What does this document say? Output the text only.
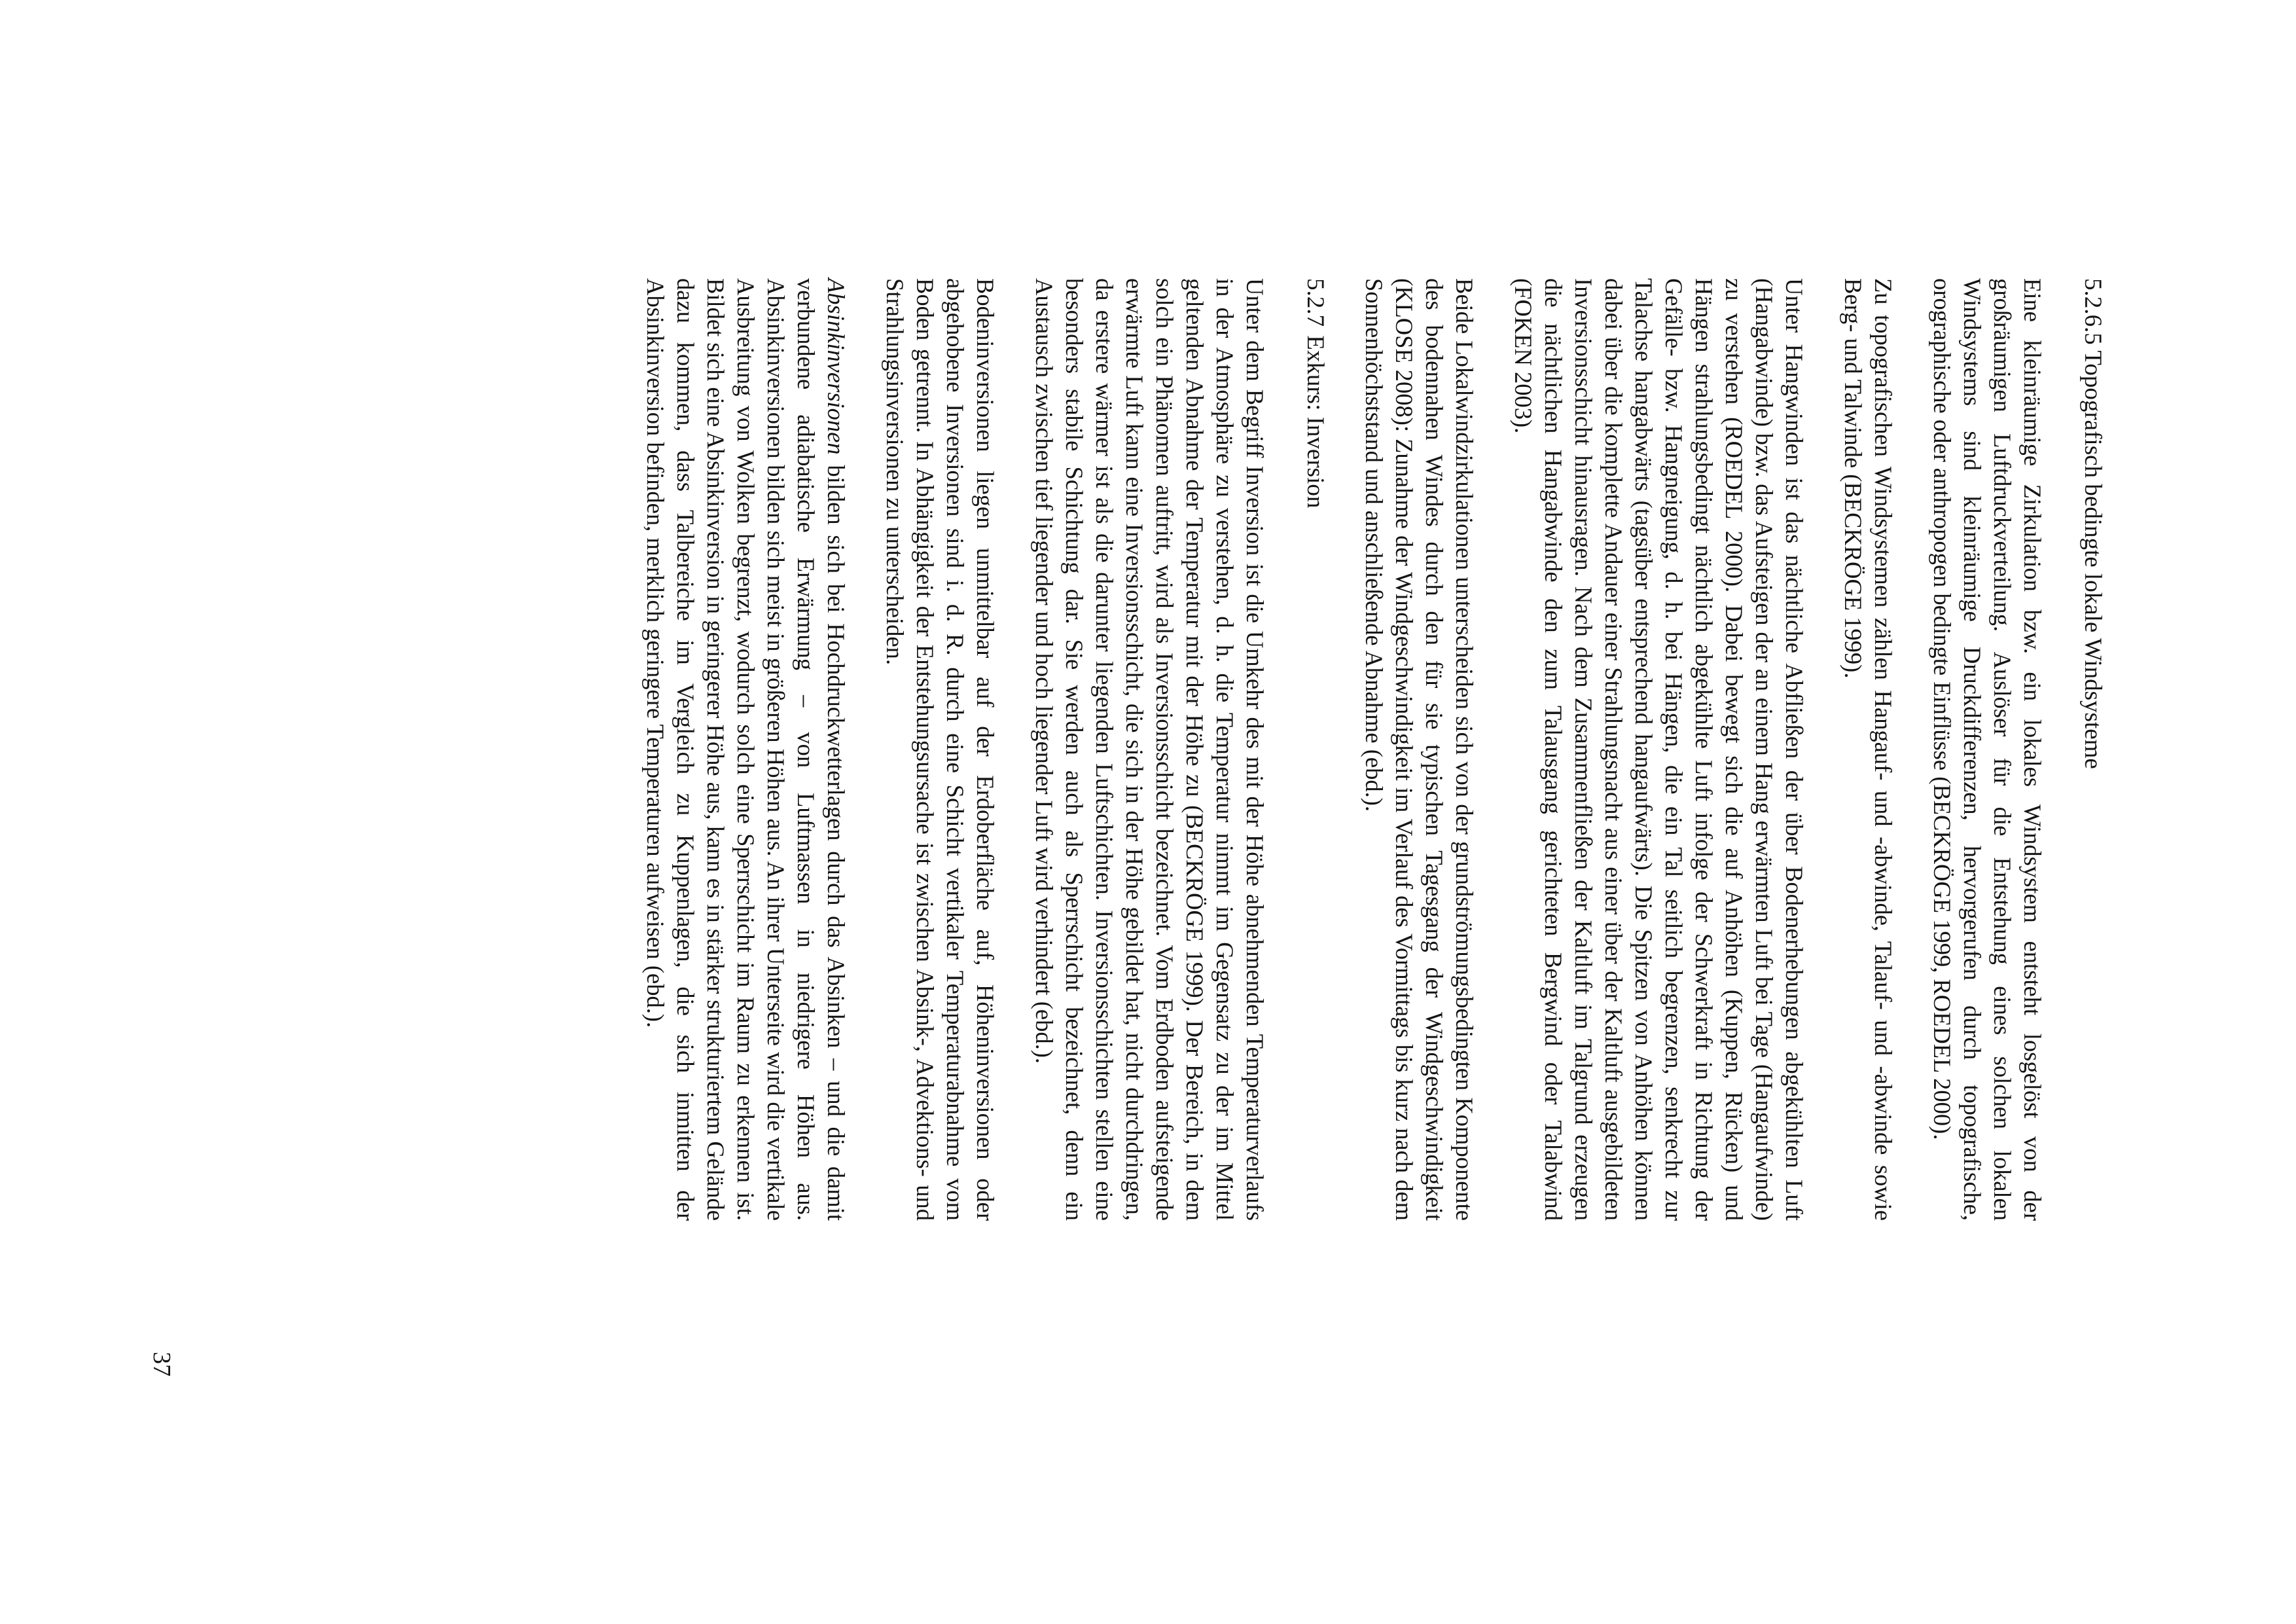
5.2.6.5 Topografisch bedingte lokale Windsysteme

Eine kleinräumige Zirkulation bzw. ein lokales Windsystem entsteht losgelöst von der großräumigen Luftdruckverteilung. Auslöser für die Entstehung eines solchen lokalen Windsystems sind kleinräumige Druckdifferenzen, hervorgerufen durch topografische, orographische oder anthropogen bedingte Einflüsse (BECKRÖGE 1999, ROEDEL 2000).

Zu topografischen Windsystemen zählen Hangauf- und -abwinde, Talauf- und -abwinde sowie Berg- und Talwinde (BECKRÖGE 1999).

Unter Hangwinden ist das nächtliche Abfließen der über Bodenerhebungen abgekühlten Luft (Hangabwinde) bzw. das Aufsteigen der an einem Hang erwärmten Luft bei Tage (Hangaufwinde) zu verstehen (ROEDEL 2000). Dabei bewegt sich die auf Anhöhen (Kuppen, Rücken) und Hängen strahlungsbedingt nächtlich abgekühlte Luft infolge der Schwerkraft in Richtung der Gefälle- bzw. Hangneigung, d. h. bei Hängen, die ein Tal seitlich begrenzen, senkrecht zur Talachse hangabwärts (tagsüber entsprechend hangaufwärts). Die Spitzen von Anhöhen können dabei über die komplette Andauer einer Strahlungsnacht aus einer über der Kaltluft ausgebildeten Inversionsschicht hinausragen. Nach dem Zusammenfließen der Kaltluft im Talgrund erzeugen die nächtlichen Hangabwinde den zum Talausgang gerichteten Bergwind oder Talabwind (FOKEN 2003).

Beide Lokalwindzirkulationen unterscheiden sich von der grundströmungsbedingten Komponente des bodennahen Windes durch den für sie typischen Tagesgang der Windgeschwindigkeit (KLOSE 2008): Zunahme der Windgeschwindigkeit im Verlauf des Vormittags bis kurz nach dem Sonnenhöchststand und anschließende Abnahme (ebd.).

5.2.7 Exkurs: Inversion

Unter dem Begriff Inversion ist die Umkehr des mit der Höhe abnehmenden Temperaturverlaufs in der Atmosphäre zu verstehen, d. h. die Temperatur nimmt im Gegensatz zu der im Mittel geltenden Abnahme der Temperatur mit der Höhe zu (BECKRÖGE 1999). Der Bereich, in dem solch ein Phänomen auftritt, wird als Inversionsschicht bezeichnet. Vom Erdboden aufsteigende erwärmte Luft kann eine Inversionsschicht, die sich in der Höhe gebildet hat, nicht durchdringen, da erstere wärmer ist als die darunter liegenden Luftschichten. Inversionsschichten stellen eine besonders stabile Schichtung dar. Sie werden auch als Sperrschicht bezeichnet, denn ein Austausch zwischen tief liegender und hoch liegender Luft wird verhindert (ebd.).

Bodeninversionen liegen unmittelbar auf der Erdoberfläche auf, Höheninversionen oder abgehobene Inversionen sind i. d. R. durch eine Schicht vertikaler Temperaturabnahme vom Boden getrennt. In Abhängigkeit der Entstehungsursache ist zwischen Absink-, Advektions- und Strahlungsinversionen zu unterscheiden.

Absinkinversionen bilden sich bei Hochdruckwetterlagen durch das Absinken – und die damit verbundene adiabatische Erwärmung – von Luftmassen in niedrigere Höhen aus. Absinkinversionen bilden sich meist in größeren Höhen aus. An ihrer Unterseite wird die vertikale Ausbreitung von Wolken begrenzt, wodurch solch eine Sperrschicht im Raum zu erkennen ist. Bildet sich eine Absinkinversion in geringerer Höhe aus, kann es in stärker strukturiertem Gelände dazu kommen, dass Talbereiche im Vergleich zu Kuppenlagen, die sich inmitten der Absinkinversion befinden, merklich geringere Temperaturen aufweisen (ebd.).

37
